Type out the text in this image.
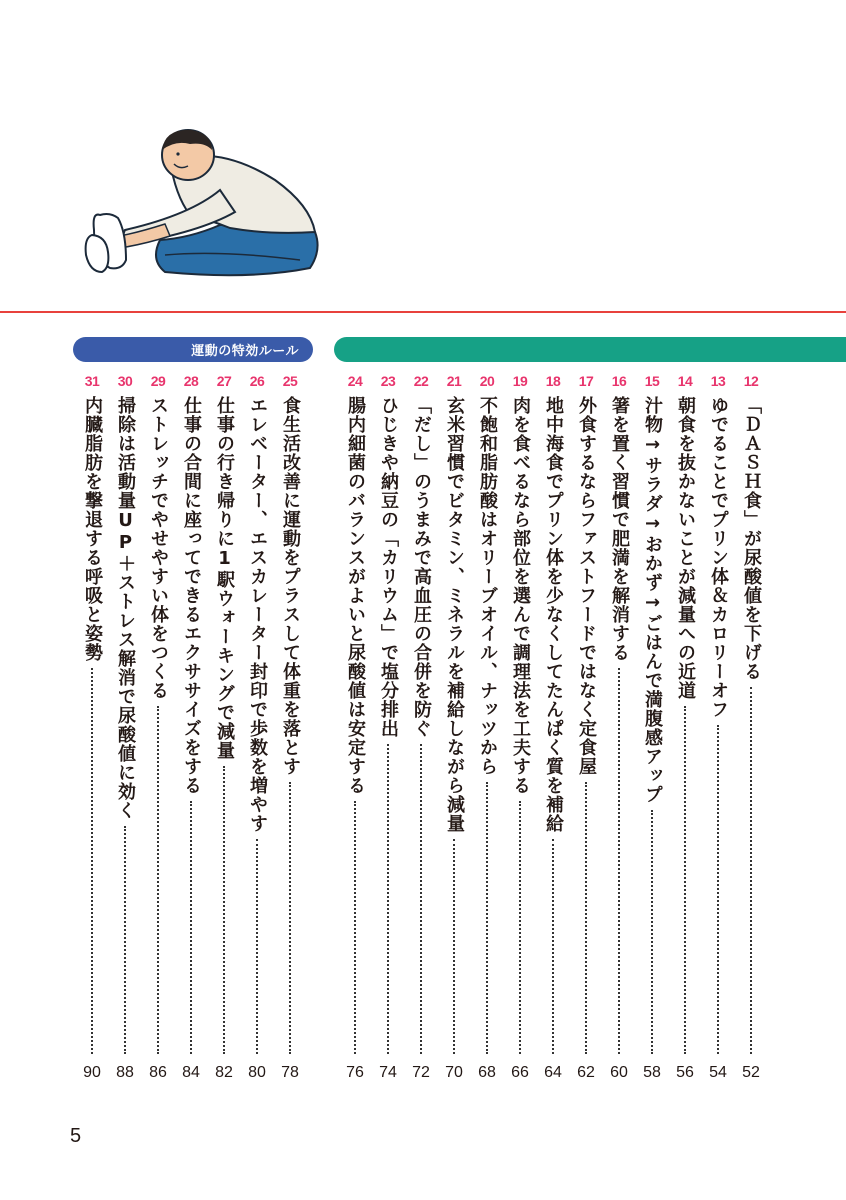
運動の特効ルール
12
「ＤＡＳＨ食」が尿酸値を下げる
52
13
ゆでることでプリン体＆カロリーオフ
54
14
朝食を抜かないことが減量への近道
56
15
汁物→サラダ→おかず→ごはんで満腹感アップ
58
16
箸を置く習慣で肥満を解消する
60
17
外食するならファストフードではなく定食屋
62
18
地中海食でプリン体を少なくしてたんぱく質を補給
64
19
肉を食べるなら部位を選んで調理法を工夫する
66
20
不飽和脂肪酸はオリーブオイル、ナッツから
68
21
玄米習慣でビタミン、ミネラルを補給しながら減量
70
22
「だし」のうまみで高血圧の合併を防ぐ
72
23
ひじきや納豆の「カリウム」で塩分排出
74
24
腸内細菌のバランスがよいと尿酸値は安定する
76
25
食生活改善に運動をプラスして体重を落とす
78
26
エレベーター、エスカレーター封印で歩数を増やす
80
27
仕事の行き帰りに1駅ウォーキングで減量
82
28
仕事の合間に座ってできるエクササイズをする
84
29
ストレッチでやせやすい体をつくる
86
30
掃除は活動量UP＋ストレス解消で尿酸値に効く
88
31
内臓脂肪を撃退する呼吸と姿勢
90
5
